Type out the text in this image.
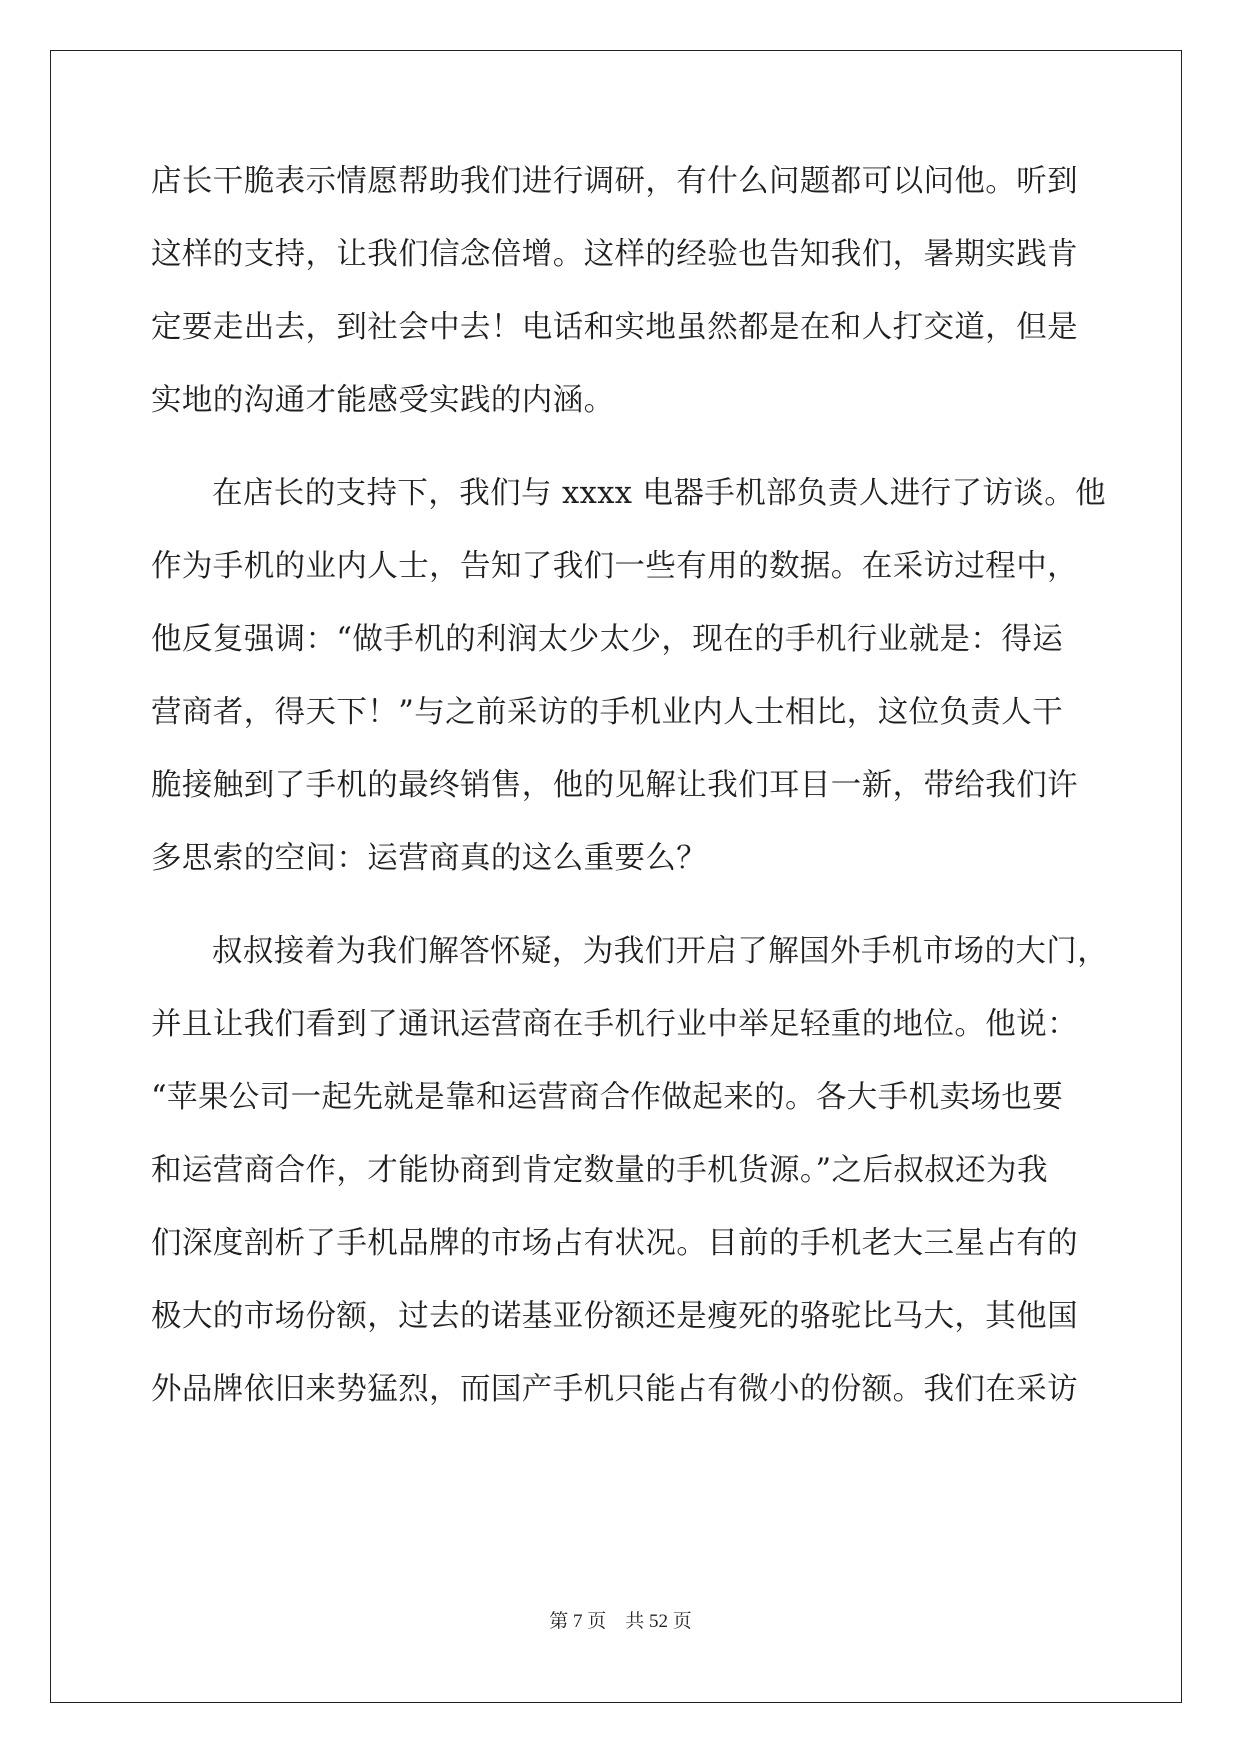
店长干脆表示情愿帮助我们进行调研，有什么问题都可以问他。听到
这样的支持，让我们信念倍增。这样的经验也告知我们，暑期实践肯
定要走出去，到社会中去！电话和实地虽然都是在和人打交道，但是
实地的沟通才能感受实践的内涵。
在店长的支持下，我们与 xxxx 电器手机部负责人进行了访谈。他
作为手机的业内人士，告知了我们一些有用的数据。在采访过程中，
他反复强调：“做手机的利润太少太少，现在的手机行业就是：得运
营商者，得天下！”与之前采访的手机业内人士相比，这位负责人干
脆接触到了手机的最终销售，他的见解让我们耳目一新，带给我们许
多思索的空间：运营商真的这么重要么？
叔叔接着为我们解答怀疑，为我们开启了解国外手机市场的大门，
并且让我们看到了通讯运营商在手机行业中举足轻重的地位。他说：
“苹果公司一起先就是靠和运营商合作做起来的。各大手机卖场也要
和运营商合作，才能协商到肯定数量的手机货源。”之后叔叔还为我
们深度剖析了手机品牌的市场占有状况。目前的手机老大三星占有的
极大的市场份额，过去的诺基亚份额还是瘦死的骆驼比马大，其他国
外品牌依旧来势猛烈，而国产手机只能占有微小的份额。我们在采访
第 7 页    共 52 页
